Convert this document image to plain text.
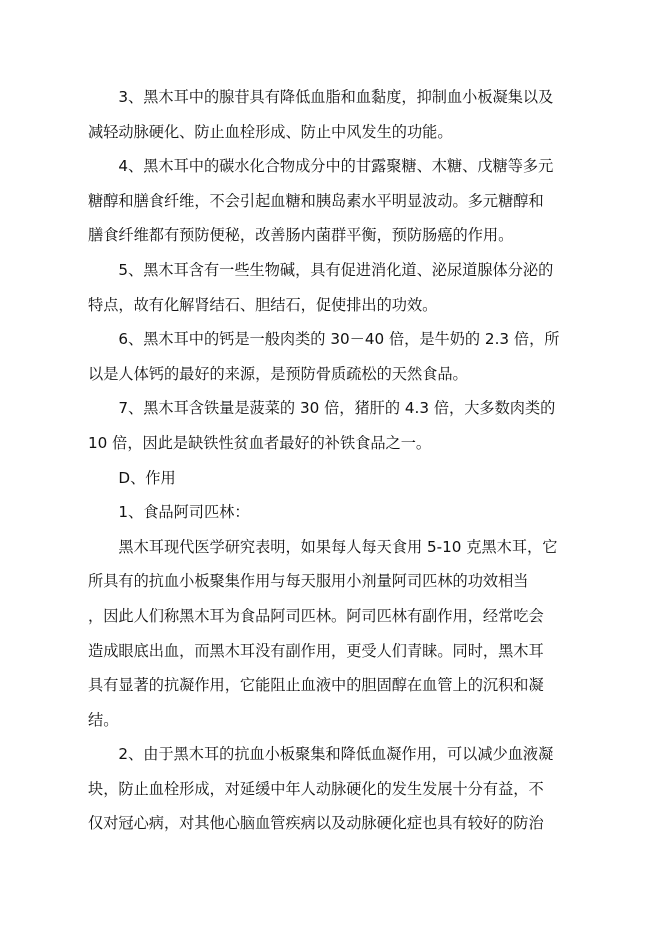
3、黑木耳中的腺苷具有降低血脂和血黏度，抑制血小板凝集以及
减轻动脉硬化、防止血栓形成、防止中风发生的功能。

4、黑木耳中的碳水化合物成分中的甘露聚糖、木糖、戊糖等多元
糖醇和膳食纤维，不会引起血糖和胰岛素水平明显波动。多元糖醇和
膳食纤维都有预防便秘，改善肠内菌群平衡，预防肠癌的作用。

5、黑木耳含有一些生物碱，具有促进消化道、泌尿道腺体分泌的
特点，故有化解肾结石、胆结石，促使排出的功效。

6、黑木耳中的钙是一般肉类的 30－40 倍，是牛奶的 2.3 倍，所
以是人体钙的最好的来源，是预防骨质疏松的天然食品。

7、黑木耳含铁量是菠菜的 30 倍，猪肝的 4.3 倍，大多数肉类的
10 倍，因此是缺铁性贫血者最好的补铁食品之一。

D、作用

1、食品阿司匹林：

黑木耳现代医学研究表明，如果每人每天食用 5-10 克黑木耳，它
所具有的抗血小板聚集作用与每天服用小剂量阿司匹林的功效相当
，因此人们称黑木耳为食品阿司匹林。阿司匹林有副作用，经常吃会
造成眼底出血，而黑木耳没有副作用，更受人们青睐。同时，黑木耳
具有显著的抗凝作用，它能阻止血液中的胆固醇在血管上的沉积和凝
结。

2、由于黑木耳的抗血小板聚集和降低血凝作用，可以减少血液凝
块，防止血栓形成，对延缓中年人动脉硬化的发生发展十分有益，不
仅对冠心病，对其他心脑血管疾病以及动脉硬化症也具有较好的防治
